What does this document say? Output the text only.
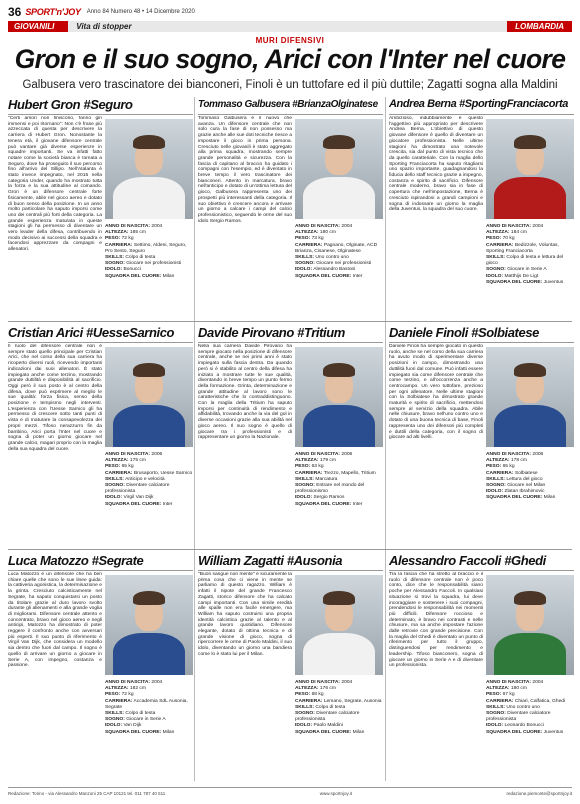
36 SPORT'n'JOY Anno 84 Numero 48 • 14 Dicembre 2020
GIOVANILI	Vita di stopper	LOMBARDIA
MURI DIFENSIVI
Gron e il suo sogno, Arici con l'Inter nel cuore
Galbusera vero trascinatore dei bianconeri, Finoli è un tuttofare ed il più duttile; Zagatti sogna alla Maldini
Hubert Gron #Seguro
"Certi amori non finiscono, fanno giri immensi e poi ritornano": Non c'è frase più azzeccata di questa per descrivere la carriera di Hubert Gron. Nonostante la tenera età, il giovane difensore centrale può vantare già diverse esperienze in squadre importanti. Se va infatti fatto notare come la società bianca è tornata a Seguro, dove ha proseguito il suo percorso fino all'arrivo del Sillipo. Nell'Atalanta è stato invece impegnato, nel 2015 nella categoria Under, quando ha mostrato tutta la forza e la sua attitudine al comando. Gron è un difensore centrale forte fisicamente, abile nel gioco aereo e dotato di buon senso della posizione. In un anno molto particolare ha saputo imporsi come uno dei centrali più forti della categoria. La grande esperienza maturata in queste stagioni gli ha permesso di diventare un vero leader della difesa, contribuendo in modo decisivo ai successi della squadra e facendosi apprezzare da compagni e allenatori.
ANNO DI NASCITA: 2004
ALTEZZA: 185 cm
PESO: 72 kg
CARRIERA: Settimo, Aldeni, Seguro, Pro Sesto, Seguro
SKILLS: Colpo di testa
SOGNO: Giocare nei professionisti
IDOLO: Bonucci
SQUADRA DEL CUORE: Milan
Tommaso Galbusera #BrianzaOlginatese
Tommaso Galbusera è il nuovo che avanza. Un difensore centrale che non solo cura la fase di non possesso ma grazie anche alle sue doti tecniche riesce a impostare il gioco in prima persona. Cresciuto nelle giovanili è stato aggregato alla prima squadra, mostrando sempre grande personalità e sicurezza. Con la fascia di capitano al braccio ha guidato i compagni con l'esempio, ed è diventato in breve tempo il vero trascinatore dei bianconeri. Attento in marcatura, bravo nell'anticipo e dotato di un'ottima lettura del gioco, Galbusera rappresenta uno dei prospetti più interessanti della categoria. Il suo obiettivo è crescere ancora e arrivare un giorno a calcare i campi del calcio professionistico, seguendo le orme del suo idolo Sergio Ramos.
ANNO DI NASCITA: 2004
ALTEZZA: 180 cm
PESO: 73 kg
CARRIERA: Pagnano, Olginate, ACD Brianza, Cisanese, Olginatese
SKILLS: Uno contro uno
SOGNO: Giocare nei professionisti
IDOLO: Alessandro Bastoni
SQUADRA DEL CUORE: Inter
Andrea Berna #SportingFranciacorta
Ambizioso, indubbiamente è questo l'aggettivo più appropriato per descrivere Andrea Berna. L'obiettivo di questo giovane difensore è quello di diventare un giocatore professionista. Nelle ultime stagioni ha dimostrato una notevole crescita, sia dal punto di vista tecnico che da quello caratteriale. Con la maglia dello Sporting Franciacorta ha saputo ritagliarsi uno spazio importante, guadagnandosi la fiducia dello staff tecnico grazie a impegno, costanza e spirito di sacrificio. Difensore centrale moderno, bravo sia in fase di copertura che nell'impostazione, Berna è cresciuto ispirandosi a grandi campioni e sogna di indossare un giorno la maglia della Juventus, la squadra del suo cuore.
ANNO DI NASCITA: 2004
ALTEZZA: 184 cm
PESO: 70 kg
CARRIERA: Bedizzole, Voluntas, Sporting Franciacorta
SKILLS: Colpo di testa e lettura del gioco
SOGNO: Giocare in Serie A
IDOLO: Matthijs De Ligt
SQUADRA DEL CUORE: Juventus
Cristian Arici #UesseSarnico
Il ruolo del difensore centrale non è sempre stato quello principale per Cristian Arici, che nel corso della sua carriera ha ricoperto diversi ruoli, ricevendo importanti indicazioni dai suoi allenatori. È stato impiegato anche come terzino, mostrando grande duttilità e disponibilità al sacrificio. Oggi però il suo posto è al centro della difesa, dove può esprimere al meglio le sue qualità: forza fisica, senso della posizione e tempismo negli interventi. L'esperienza con l'Uesse Sarnico gli ha permesso di crescere sotto tanti punti di vista e di maturare la consapevolezza dei propri mezzi. Tifoso nerazzurro fin da bambino, Arici porta l'Inter nel cuore e sogna di poter un giorno giocare nel grande calcio, magari proprio con la maglia della sua squadra del cuore.
ANNO DI NASCITA: 2006
ALTEZZA: 175 cm
PESO: 65 kg
CARRIERA: Brusaporto, Uesse Sarnico
SKILLS: Anticipo e velocità
SOGNO: Diventare calciatore professionista
IDOLO: Virgil Van Dijk
SQUADRA DEL CUORE: Inter
Davide Pirovano #Tritium
Nella sua carriera Davide Pirovano ha sempre giocato nella posizione di difensore centrale, anche se nei primi anni è stato impiegato sulla fascia destra. Da quando però si è stabilito al centro della difesa ha iniziato a mostrare tutte le sue qualità, diventando in breve tempo un punto fermo della formazione. Grinta, determinazione e grande attitudine al lavoro sono le caratteristiche che lo contraddistinguono. Con la maglia della Tritium ha saputo imporsi per continuità di rendimento e affidabilità, trovando anche la via del gol in diverse occasioni grazie alla sua abilità nel gioco aereo. Il suo sogno è quello di giocare tra i professionisti e di rappresentare un giorno la Nazionale.
ANNO DI NASCITA: 2006
ALTEZZA: 179 cm
PESO: 63 kg
CARRIERA: Trezzo, Mapello, Tritium
SKILLS: Marcatura
SOGNO: Entrare nel mondo del professionismo
IDOLO: Sergio Ramos
SQUADRA DEL CUORE: Inter
Daniele Finoli #Solbiatese
Daniele Finoli ha sempre giocato in questo ruolo, anche se nel corso della sua carriera ha avuto modo di sperimentare diverse posizioni in campo, dimostrando una duttilità fuori dal comune. Può infatti essere impiegato sia come difensore centrale che come terzino, e all'occorrenza anche a centrocampo. Un vero tuttofare, prezioso per ogni allenatore. Nelle ultime stagioni con la Solbiatese ha dimostrato grande maturità e spirito di sacrificio, mettendosi sempre al servizio della squadra. Abile nelle chiusure, bravo nell'uno contro uno e dotato di una buona tecnica di base, Finoli rappresenta uno dei difensori più completi e duttili della categoria, con il sogno di giocare ad alti livelli.
ANNO DI NASCITA: 2006
ALTEZZA: 178 cm
PESO: 65 kg
CARRIERA: Solbiatese
SKILLS: Lettura del gioco
SOGNO: Giocare nel Milan
IDOLO: Zlatan Ibrahimovic
SQUADRA DEL CUORE: Milan
Luca Matozzo #Segrate
Luca Matozzo è un difensore che ha ben chiare quelle che sono le sue linee guida: la cattiveria agonistica, la determinazione e la grinta. Cresciuto calcisticamente nel Segrate, ha saputo conquistarsi un posto da titolare grazie al duro lavoro svolto durante gli allenamenti e alla grande voglia di migliorarsi. Difensore centrale attento e concentrato, bravo nel gioco aereo e negli anticipi, Matozzo ha dimostrato di poter reggere il confronto anche con avversari più esperti. Il suo punto di riferimento è Virgil Van Dijk, che considera un modello sia dentro che fuori dal campo. Il sogno è quello di arrivare un giorno a giocare in Serie A, con impegno, costanza e passione.
ANNO DI NASCITA: 2004
ALTEZZA: 182 cm
PESO: 72 kg
CARRIERA: Accademia SdL Ausonia, Segrate
SKILLS: Colpo di testa
SOGNO: Giocare in Serie A
IDOLO: Van Dijk
SQUADRA DEL CUORE: Milan
William Zagatti #Ausonia
"Buon sangue non mente" è sicuramente la prima cosa che ci viene in mente se parliamo di questo ragazzo. William è infatti il nipote del grande Francesco Zagatti, storico difensore che ha calcato campi importanti. Con una simile eredità alle spalle non era facile emergere, ma William ha saputo costruirsi una propria identità calcistica grazie al talento e al grande lavoro quotidiano. Difensore elegante, dotato di ottima tecnica e di grande visione di gioco, sogna di ripercorrere le orme di Paolo Maldini, il suo idolo, diventando un giorno una bandiera come lo è stato lui per il Milan.
ANNO DI NASCITA: 2004
ALTEZZA: 176 cm
PESO: 68 kg
CARRIERA: Lemano, Segrate, Ausonia
SKILLS: Colpo di testa
SOGNO: Diventare calciatore professionista
IDOLO: Paolo Maldini
SQUADRA DEL CUORE: Milan
Alessandro Faccoli #Ghedi
Tra la fascia che ha stretto al braccio e il ruolo di difensore centrale non è poco conto, dice che le responsabilità siano poche per Alessandro Faccoli. In qualsiasi situazione si trovi la squadra, lui deve incoraggiare e sostenere i suoi compagni, prendendosi le responsabilità nei momenti più difficili. Difensore roccioso e determinato, è bravo nei contrasti e nelle chiusure, ma sa anche impostare l'azione dalle retrovie con grande precisione. Con la maglia del Ghedi è diventato un punto di riferimento per tutto il gruppo, distinguendosi per rendimento e leadership. Tifoso bianconero, sogna di giocare un giorno in Serie A e di diventare un professionista.
ANNO DI NASCITA: 2004
ALTEZZA: 180 cm
PESO: 67 kg
CARRIERA: Chiari, Calfatica, Ghedi
SKILLS: Uno contro uno
SOGNO: Diventare calciatore professionista
IDOLO: Leonardo Bonucci
SQUADRA DEL CUORE: Juventus
Redazione: Torino - via Alessandro Manzoni 25 CAP 10121 tel. 011 787 40 511	www.sportnjoy.it	redazione.piemonte@sportnjoy.it
